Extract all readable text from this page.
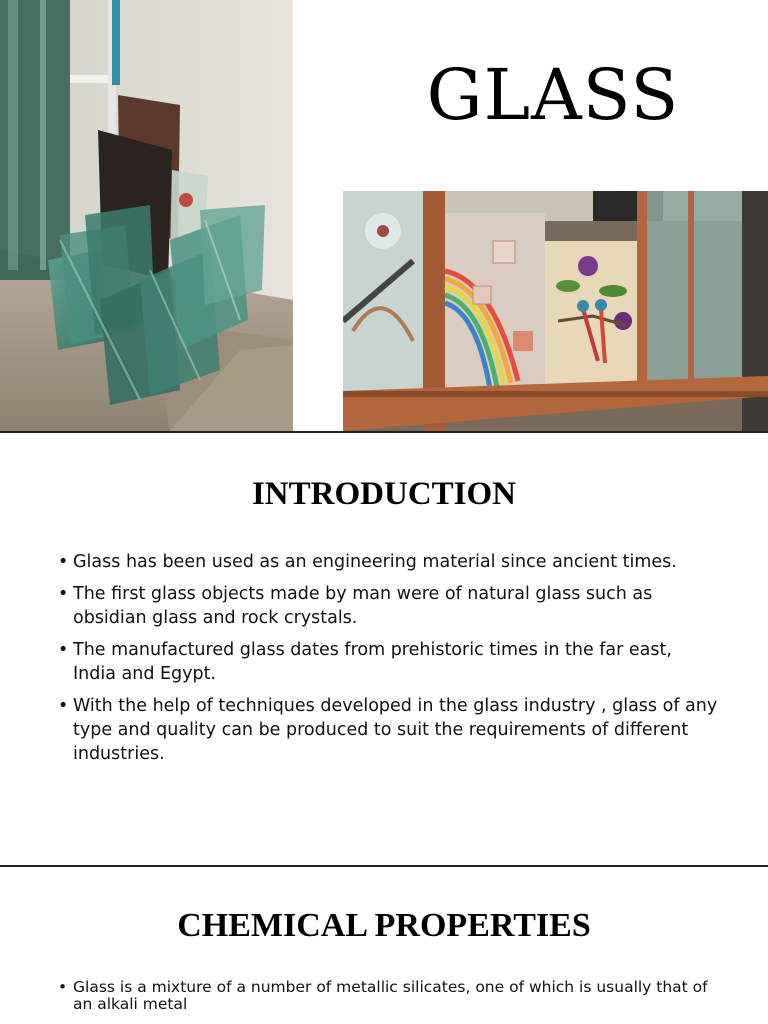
GLASS
INTRODUCTION
• Glass has been used as an engineering material since ancient times.
• The first glass objects made by man were of natural glass such as obsidian glass and rock crystals.
• The manufactured glass dates from prehistoric times in the far east, India and Egypt.
• With the help of techniques developed in the glass industry , glass of any type and quality can be produced to suit the requirements of different industries.
CHEMICAL PROPERTIES
• Glass is a mixture of a number of metallic silicates, one of which is usually that of an alkali metal
